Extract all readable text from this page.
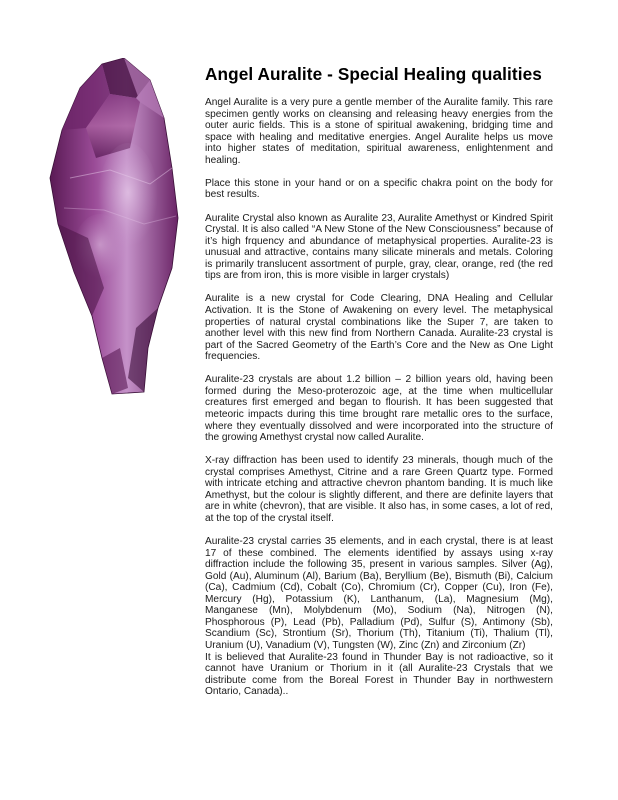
Angel Auralite - Special Healing qualities

Angel Auralite is a very pure a gentle member of the Auralite family. This rare specimen gently works on cleansing and releasing heavy energies from the outer auric fields. This is a stone of spiritual awakening, bridging time and space with healing and meditative energies. Angel Auralite helps us move into higher states of meditation, spiritual awareness, enlightenment and healing.

Place this stone in your hand or on a specific chakra point on the body for best results.

Auralite Crystal also known as Auralite 23, Auralite Amethyst or Kindred Spirit Crystal. It is also called “A New Stone of the New Consciousness” because of it’s high frquency and abundance of metaphysical properties. Auralite-23 is unusual and attractive, contains many silicate minerals and metals. Coloring is primarily translucent assortment of purple, gray, clear, orange, red (the red tips are from iron, this is more visible in larger crystals)

Auralite is a new crystal for Code Clearing, DNA Healing and Cellular Activation. It is the Stone of Awakening on every level. The metaphysical properties of natural crystal combinations like the Super 7, are taken to another level with this new find from Northern Canada. Auralite-23 crystal is part of the Sacred Geometry of the Earth’s Core and the New as One Light frequencies.

Auralite-23 crystals are about 1.2 billion – 2 billion years old, having been formed during the Meso-proterozoic age, at the time when multicellular creatures first emerged and began to flourish. It has been suggested that meteoric impacts during this time brought rare metallic ores to the surface, where they eventually dissolved and were incorporated into the structure of the growing Amethyst crystal now called Auralite.

X-ray diffraction has been used to identify 23 minerals, though much of the crystal comprises Amethyst, Citrine and a rare Green Quartz type. Formed with intricate etching and attractive chevron phantom banding. It is much like Amethyst, but the colour is slightly different, and there are definite layers that are in white (chevron), that are visible. It also has, in some cases, a lot of red, at the top of the crystal itself.

Auralite-23 crystal carries 35 elements, and in each crystal, there is at least 17 of these combined. The elements identified by assays using x-ray diffraction include the following 35, present in various samples. Silver (Ag), Gold (Au), Aluminum (Al), Barium (Ba), Beryllium (Be), Bismuth (Bi), Calcium (Ca), Cadmium (Cd), Cobalt (Co), Chromium (Cr), Copper (Cu), Iron (Fe), Mercury (Hg), Potassium (K), Lanthanum, (La), Magnesium (Mg), Manganese (Mn), Molybdenum (Mo), Sodium (Na), Nitrogen (N), Phosphorous (P), Lead (Pb), Palladium (Pd), Sulfur (S), Antimony (Sb), Scandium (Sc), Strontium (Sr), Thorium (Th), Titanium (Ti), Thalium (Tl), Uranium (U), Vanadium (V), Tungsten (W), Zinc (Zn) and Zirconium (Zr)

It is believed that Auralite-23 found in Thunder Bay is not radioactive, so it cannot have Uranium or Thorium in it (all Auralite-23 Crystals that we distribute come from the Boreal Forest in Thunder Bay in northwestern Ontario, Canada)..
